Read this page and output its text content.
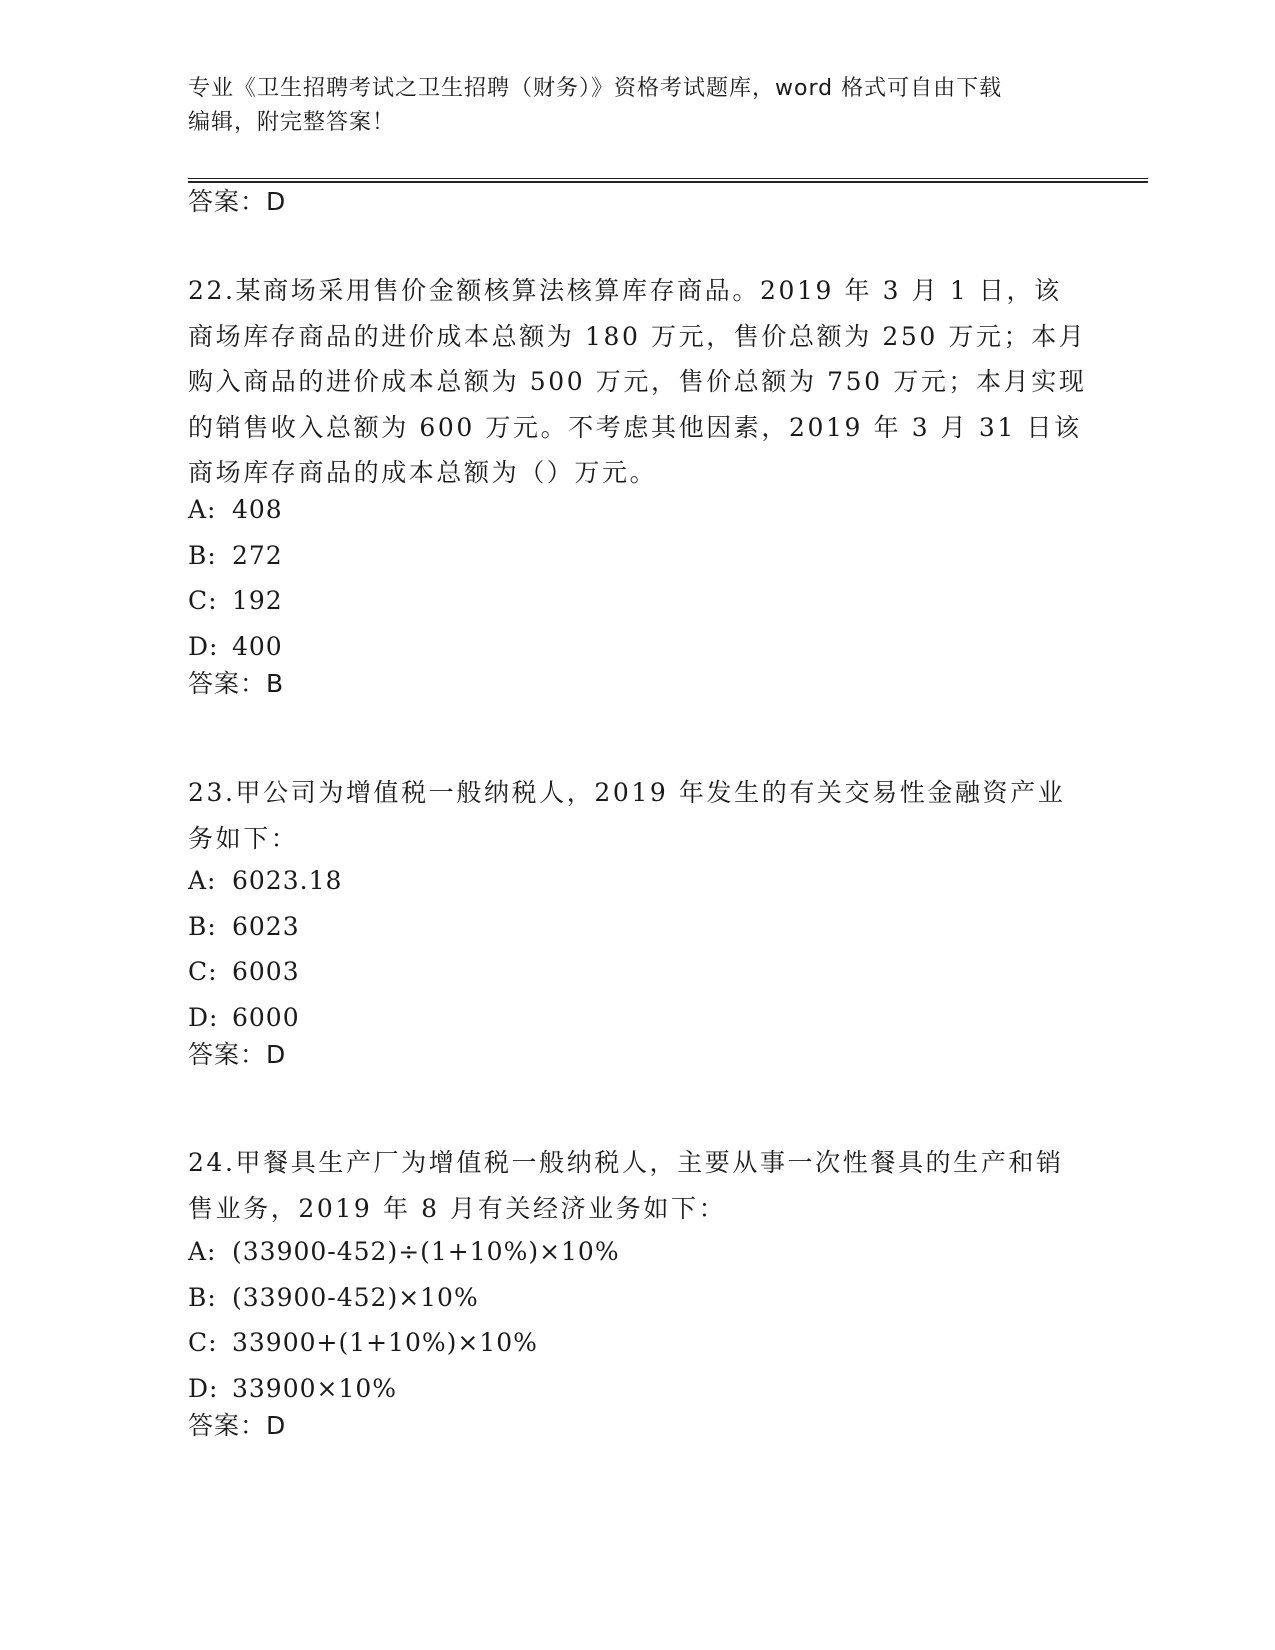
专业《卫生招聘考试之卫生招聘（财务）》资格考试题库，word 格式可自由下载
编辑，附完整答案！
答案：D
22.某商场采用售价金额核算法核算库存商品。2019 年 3 月 1 日，该商场库存商品的进价成本总额为 180 万元，售价总额为 250 万元；本月购入商品的进价成本总额为 500 万元，售价总额为 750 万元；本月实现的销售收入总额为 600 万元。不考虑其他因素，2019 年 3 月 31 日该商场库存商品的成本总额为（）万元。
A: 408
B: 272
C: 192
D: 400
答案：B
23.甲公司为增值税一般纳税人，2019 年发生的有关交易性金融资产业务如下：
A: 6023.18
B: 6023
C: 6003
D: 6000
答案：D
24.甲餐具生产厂为增值税一般纳税人，主要从事一次性餐具的生产和销售业务，2019 年 8 月有关经济业务如下：
A: (33900-452)÷(1+10%)×10%
B: (33900-452)×10%
C: 33900+(1+10%)×10%
D: 33900×10%
答案：D
